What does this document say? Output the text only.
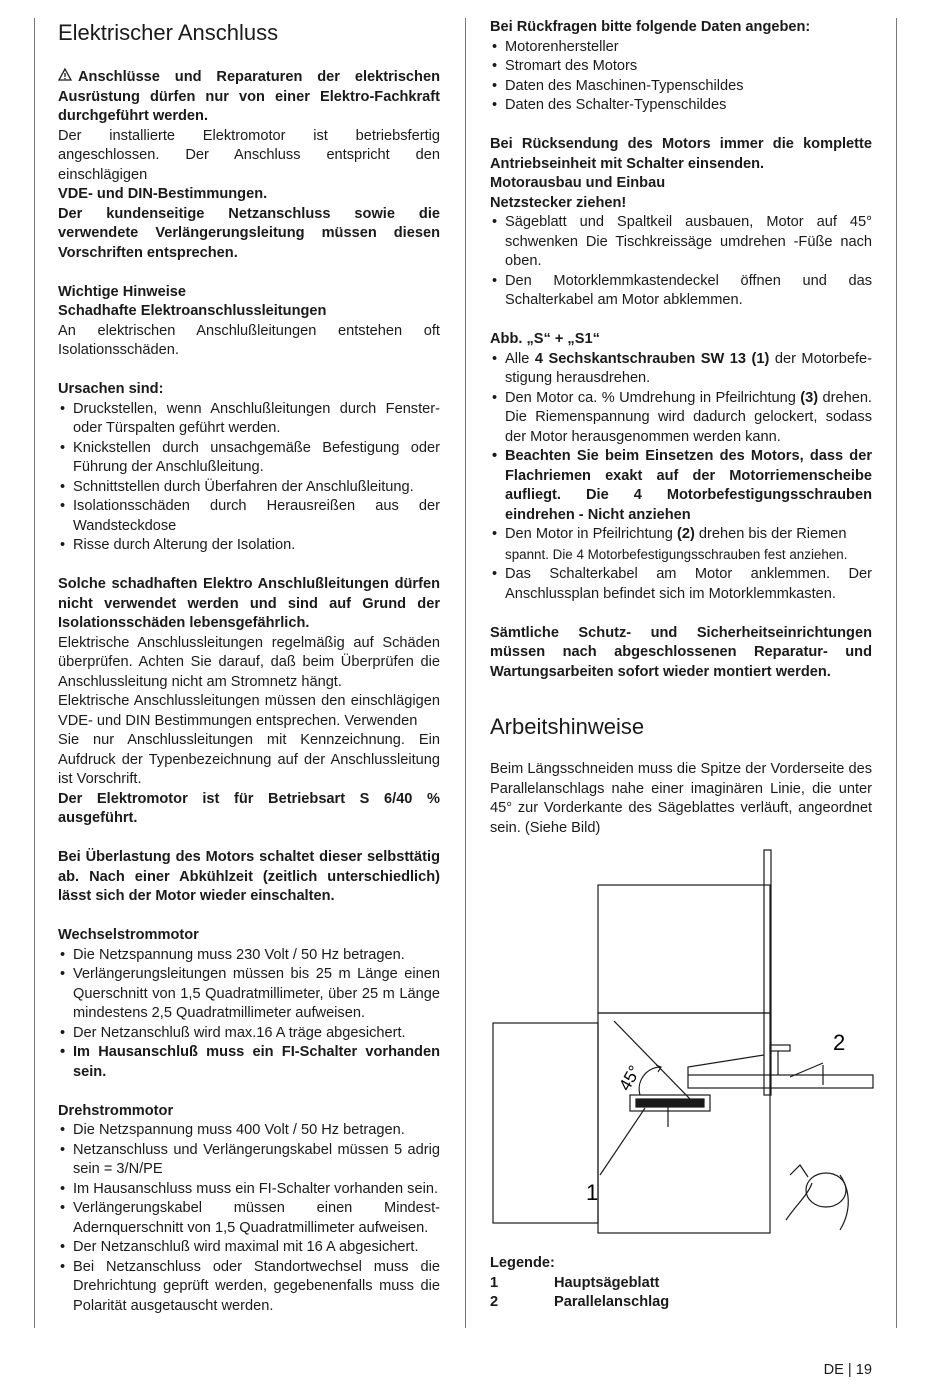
Elektrischer Anschluss

Anschlüsse und Reparaturen der elektrischen Ausrüstung dürfen nur von einer Elektro-Fachkraft durchgeführt werden.

Der installierte Elektromotor ist betriebsfertig angeschlossen. Der Anschluss entspricht den einschlägigen

VDE- und DIN-Bestimmungen.

Der kundenseitige Netzanschluss sowie die verwendete Verlängerungsleitung müssen diesen Vorschriften entsprechen.

Wichtige Hinweise

Schadhafte Elektroanschlussleitungen

An elektrischen Anschlußleitungen entstehen oft Isolationsschäden.

Ursachen sind:

• Druckstellen, wenn Anschlußleitungen durch Fenster- oder Türspalten geführt werden.
• Knickstellen durch unsachgemäße Befestigung oder Führung der Anschlußleitung.
• Schnittstellen durch Überfahren der Anschlußleitung.
• Isolationsschäden durch Herausreißen aus der Wandsteckdose
• Risse durch Alterung der Isolation.

Solche schadhaften Elektro Anschlußleitungen dürfen nicht verwendet werden und sind auf Grund der Isolationsschäden lebensgefährlich.

Elektrische Anschlussleitungen regelmäßig auf Schäden überprüfen. Achten Sie darauf, daß beim Überprüfen die Anschlussleitung nicht am Stromnetz hängt.

Elektrische Anschlussleitungen müssen den einschlägigen VDE- und DIN Bestimmungen entsprechen. Verwenden

Sie nur Anschlussleitungen mit Kennzeichnung. Ein Aufdruck der Typenbezeichnung auf der Anschlussleitung ist Vorschrift.

Der Elektromotor ist für Betriebsart S 6/40 % ausgeführt.

Bei Überlastung des Motors schaltet dieser selbsttätig ab. Nach einer Abkühlzeit (zeitlich unterschiedlich) lässt sich der Motor wieder einschalten.

Wechselstrommotor

• Die Netzspannung muss 230 Volt / 50 Hz betragen.
• Verlängerungsleitungen müssen bis 25 m Länge einen Querschnitt von 1,5 Quadratmillimeter, über 25 m Länge mindestens 2,5 Quadratmillimeter aufweisen.
• Der Netzanschluß wird max.16 A träge abgesichert.
• Im Hausanschluß muss ein FI-Schalter vorhanden sein.

Drehstrommotor

• Die Netzspannung muss 400 Volt / 50 Hz betragen.
• Netzanschluss und Verlängerungskabel müssen 5 adrig sein = 3/N/PE
• Im Hausanschluss muss ein FI-Schalter vorhanden sein.
• Verlängerungskabel müssen einen Mindest-Adernquerschnitt von 1,5 Quadratmillimeter aufweisen.
• Der Netzanschluß wird maximal mit 16 A abgesichert.
• Bei Netzanschluss oder Standortwechsel muss die Drehrichtung geprüft werden, gegebenenfalls muss die Polarität ausgetauscht werden.

Bei Rückfragen bitte folgende Daten angeben:

• Motorenhersteller
• Stromart des Motors
• Daten des Maschinen-Typenschildes
• Daten des Schalter-Typenschildes

Bei Rücksendung des Motors immer die komplette Antriebseinheit mit Schalter einsenden.

Motorausbau und Einbau

Netzstecker ziehen!

• Sägeblatt und Spaltkeil ausbauen, Motor auf 45° schwenken Die Tischkreissäge umdrehen -Füße nach oben.
• Den Motorklemmkastendeckel öffnen und das Schalterkabel am Motor abklemmen.

Abb. „S“ + „S1“

• Alle 4 Sechskantschrauben SW 13 (1) der Motorbefe- stigung herausdrehen.
• Den Motor ca. % Umdrehung in Pfeilrichtung (3) drehen. Die Riemenspannung wird dadurch gelockert, sodass der Motor herausgenommen werden kann.
• Beachten Sie beim Einsetzen des Motors, dass der Flachriemen exakt auf der Motorriemenscheibe aufliegt. Die 4 Motorbefestigungsschrauben eindrehen - Nicht anziehen
• Den Motor in Pfeilrichtung (2) drehen bis der Riemen
spannt. Die 4 Motorbefestigungsschrauben fest anziehen.
• Das Schalterkabel am Motor anklemmen. Der Anschlussplan befindet sich im Motorklemmkasten.

Sämtliche Schutz- und Sicherheitseinrichtungen müssen nach abgeschlossenen Reparatur- und Wartungsarbeiten sofort wieder montiert werden.

Arbeitshinweise

Beim Längsschneiden muss die Spitze der Vorderseite des Parallelanschlags nahe einer imaginären Linie, die unter 45° zur Vorderkante des Sägeblattes verläuft, angeordnet sein. (Siehe Bild)

45°
1
2

Legende:

1	Hauptsägeblatt
2	Parallelanschlag
DE | 19
